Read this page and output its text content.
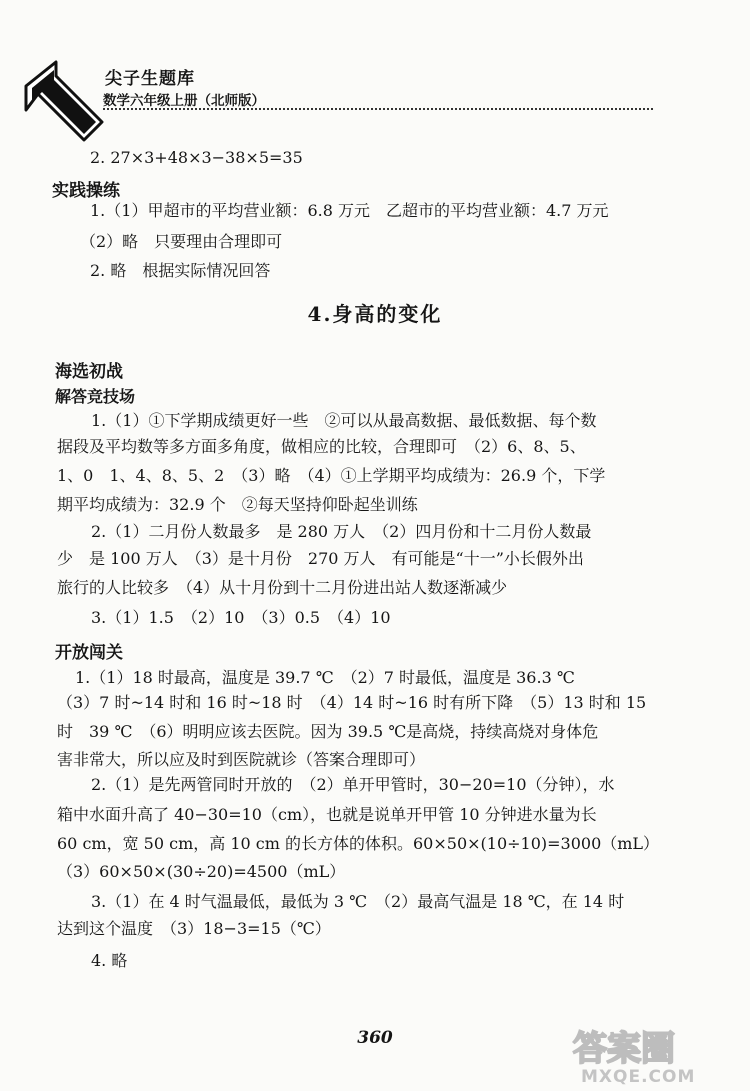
尖子生题库
数学六年级上册（北师版）
2. 27×3+48×3−38×5=35
实践操练
1.（1）甲超市的平均营业额：6.8 万元　乙超市的平均营业额：4.7 万元
（2）略　只要理由合理即可
2. 略　根据实际情况回答
4.身高的变化
海选初战
解答竞技场
1.（1）①下学期成绩更好一些　②可以从最高数据、最低数据、每个数
据段及平均数等多方面多角度，做相应的比较，合理即可　（2）6、8、5、
1、0　1、4、8、5、2　（3）略　（4）①上学期平均成绩为：26.9 个，下学
期平均成绩为：32.9 个　②每天坚持仰卧起坐训练
2.（1）二月份人数最多　是 280 万人　（2）四月份和十二月份人数最
少　是 100 万人　（3）是十月份　270 万人　有可能是“十一”小长假外出
旅行的人比较多　（4）从十月份到十二月份进出站人数逐渐减少
3.（1）1.5　（2）10　（3）0.5　（4）10
开放闯关
1.（1）18 时最高，温度是 39.7 ℃　（2）7 时最低，温度是 36.3 ℃
（3）7 时~14 时和 16 时~18 时　（4）14 时~16 时有所下降　（5）13 时和 15
时　39 ℃　（6）明明应该去医院。因为 39.5 ℃是高烧，持续高烧对身体危
害非常大，所以应及时到医院就诊（答案合理即可）
2.（1）是先两管同时开放的　（2）单开甲管时，30−20=10（分钟），水
箱中水面升高了 40−30=10（cm），也就是说单开甲管 10 分钟进水量为长
60 cm，宽 50 cm，高 10 cm 的长方体的体积。60×50×(10÷10)=3000（mL）
（3）60×50×(30÷20)=4500（mL）
3.（1）在 4 时气温最低，最低为 3 ℃　（2）最高气温是 18 ℃，在 14 时
达到这个温度　（3）18−3=15（℃）
4. 略
360	答案圈
MXQE.COM
